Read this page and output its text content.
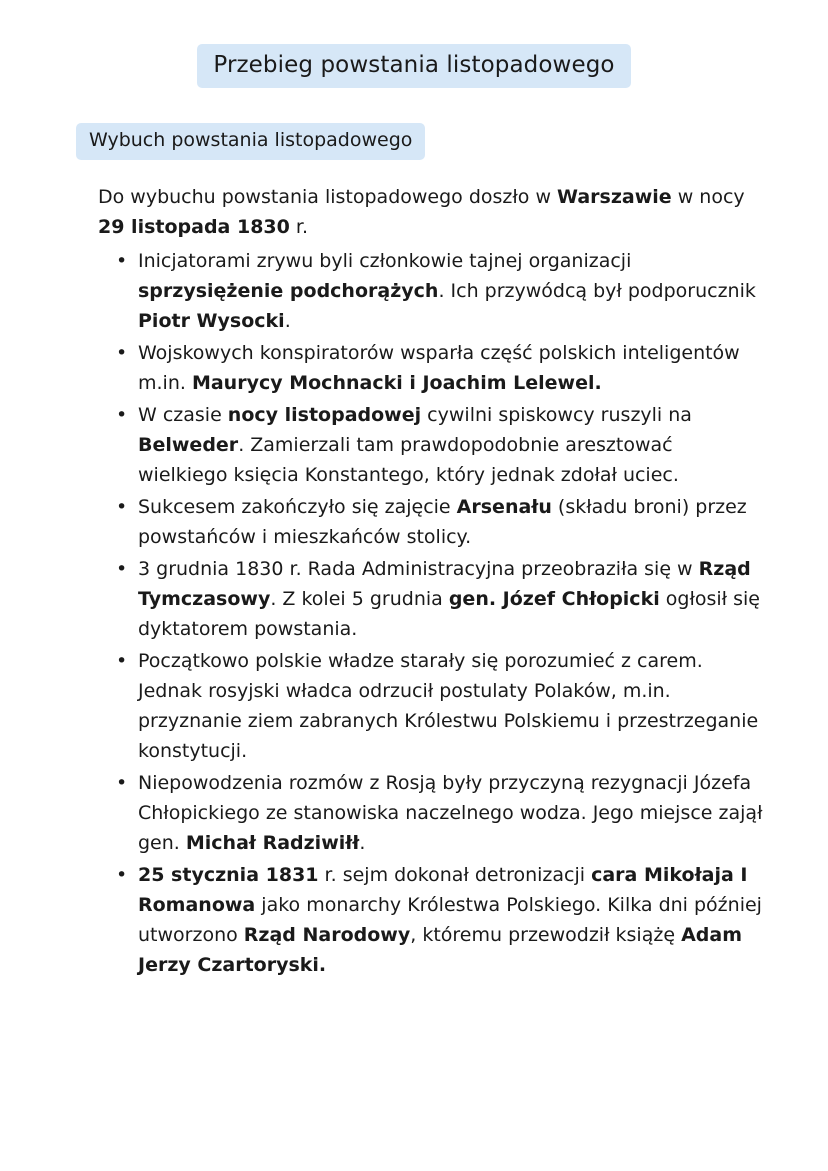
Przebieg powstania listopadowego
Wybuch powstania listopadowego

Do wybuchu powstania listopadowego doszło w Warszawie w nocy 29 listopada 1830 r.

• Inicjatorami zrywu byli członkowie tajnej organizacji sprzysiężenie podchorążych. Ich przywódcą był podporucznik Piotr Wysocki.
• Wojskowych konspiratorów wsparła część polskich inteligentów m.in. Maurycy Mochnacki i Joachim Lelewel.
• W czasie nocy listopadowej cywilni spiskowcy ruszyli na Belweder. Zamierzali tam prawdopodobnie aresztować wielkiego księcia Konstantego, który jednak zdołał uciec.
• Sukcesem zakończyło się zajęcie Arsenału (składu broni) przez powstańców i mieszkańców stolicy.
• 3 grudnia 1830 r. Rada Administracyjna przeobraziła się w Rząd Tymczasowy. Z kolei 5 grudnia gen. Józef Chłopicki ogłosił się dyktatorem powstania.
• Początkowo polskie władze starały się porozumieć z carem. Jednak rosyjski władca odrzucił postulaty Polaków, m.in. przyznanie ziem zabranych Królestwu Polskiemu i przestrzeganie konstytucji.
• Niepowodzenia rozmów z Rosją były przyczyną rezygnacji Józefa Chłopickiego ze stanowiska naczelnego wodza. Jego miejsce zajął gen. Michał Radziwiłł.
• 25 stycznia 1831 r. sejm dokonał detronizacji cara Mikołaja I Romanowa jako monarchy Królestwa Polskiego. Kilka dni później utworzono Rząd Narodowy, któremu przewodził książę Adam Jerzy Czartoryski.
